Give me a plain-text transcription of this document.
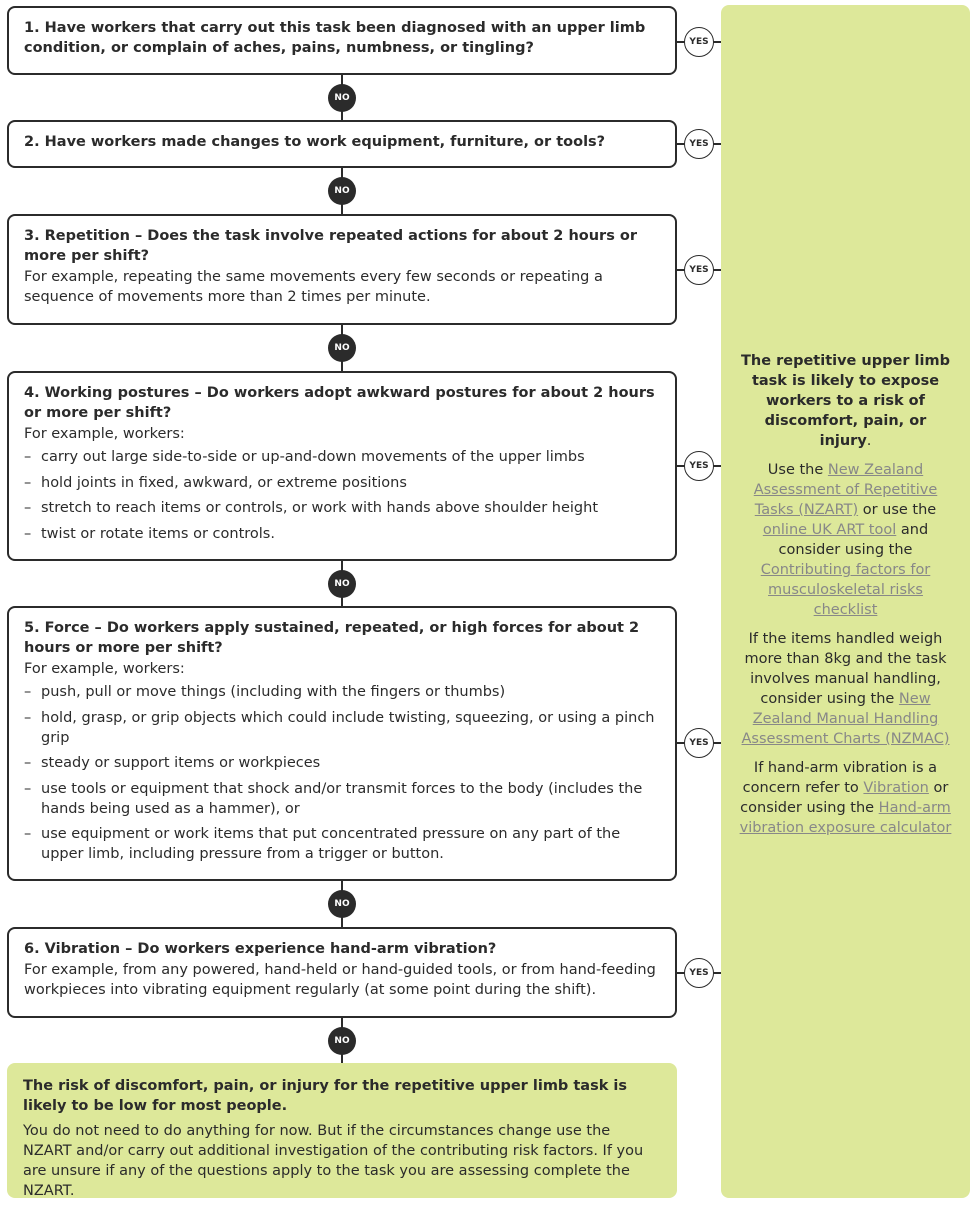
1. Have workers that carry out this task been diagnosed with an upper limb condition, or complain of aches, pains, numbness, or tingling?
2. Have workers made changes to work equipment, furniture, or tools?
3. Repetition – Does the task involve repeated actions for about 2 hours or more per shift?

For example, repeating the same movements every few seconds or repeating a sequence of movements more than 2 times per minute.

4. Working postures – Do workers adopt awkward postures for about 2 hours or more per shift?

For example, workers:

– carry out large side-to-side or up-and-down movements of the upper limbs
– hold joints in fixed, awkward, or extreme positions
– stretch to reach items or controls, or work with hands above shoulder height
– twist or rotate items or controls.
5. Force – Do workers apply sustained, repeated, or high forces for about 2 hours or more per shift?

For example, workers:

– push, pull or move things (including with the fingers or thumbs)
– hold, grasp, or grip objects which could include twisting, squeezing, or using a pinch grip
– steady or support items or workpieces
– use tools or equipment that shock and/or transmit forces to the body (includes the hands being used as a hammer), or
– use equipment or work items that put concentrated pressure on any part of the upper limb, including pressure from a trigger or button.
6. Vibration – Do workers experience hand-arm vibration?

For example, from any powered, hand-held or hand-guided tools, or from hand-feeding workpieces into vibrating equipment regularly (at some point during the shift).

NO
NO
NO
NO
NO
NO
YES
YES
YES
YES
YES
YES

The repetitive upper limb task is likely to expose workers to a risk of discomfort, pain, or injury.

Use the New Zealand Assessment of Repetitive Tasks (NZART) or use the online UK ART tool and consider using the Contributing factors for musculoskeletal risks checklist

If the items handled weigh more than 8kg and the task involves manual handling, consider using the New Zealand Manual Handling Assessment Charts (NZMAC)

If hand-arm vibration is a concern refer to Vibration or consider using the Hand-arm vibration exposure calculator

The risk of discomfort, pain, or injury for the repetitive upper limb task is likely to be low for most people.

You do not need to do anything for now. But if the circumstances change use the NZART and/or carry out additional investigation of the contributing risk factors. If you are unsure if any of the questions apply to the task you are assessing complete the NZART.
